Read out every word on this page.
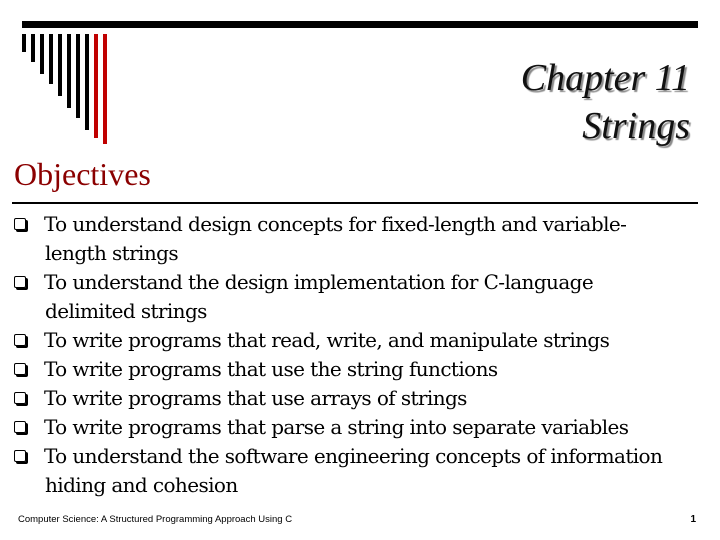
Chapter 11
Strings
Objectives
To understand design concepts for fixed-length and variable-
length strings
To understand the design implementation for C-language
delimited strings
To write programs that read, write, and manipulate strings
To write programs that use the string functions
To write programs that use arrays of strings
To write programs that parse a string into separate variables
To understand the software engineering concepts of information
hiding and cohesion
Computer Science: A Structured Programming Approach Using C	1
